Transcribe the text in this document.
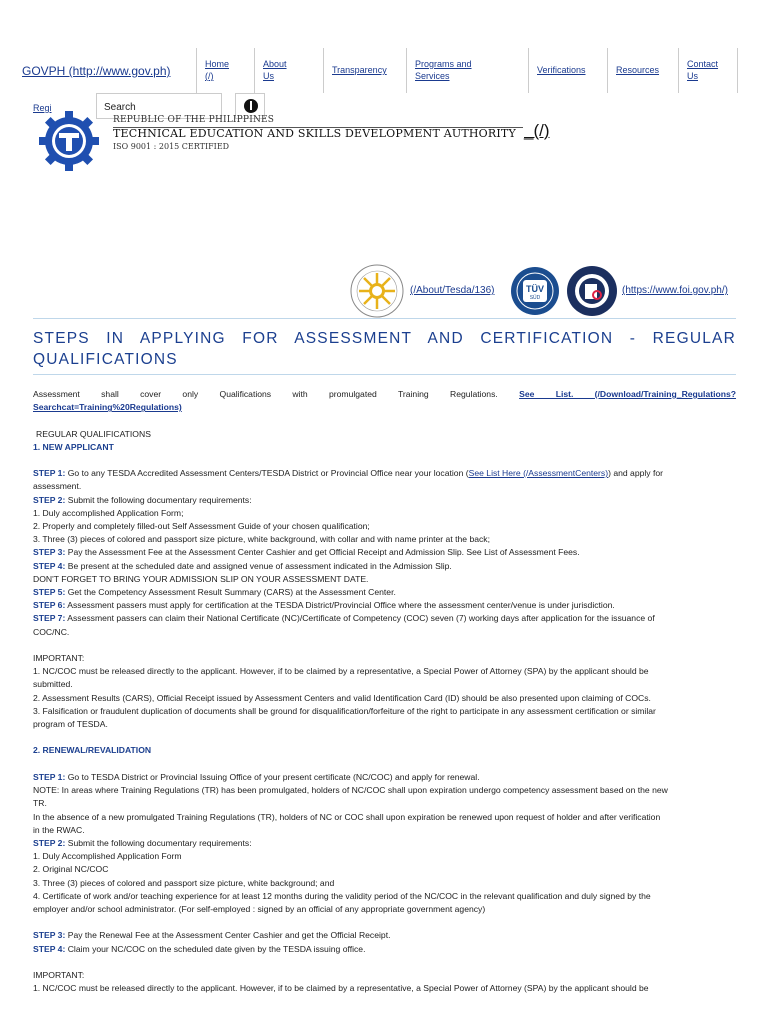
GOVPH (http://www.gov.ph)	Home
(/)
About
Us
Transparency
Programs and
Services
Verifications	Resources
Contact
Us
Regi	Search
REPUBLIC OF THE PHILIPPINES
TECHNICAL EDUCATION AND SKILLS DEVELOPMENT AUTHORITY _(/)
ISO 9001 : 2015 CERTIFIED
(/About/Tesda/136)	TÜV
SÜD
(https://www.foi.gov.ph/)
STEPS IN APPLYING FOR ASSESSMENT AND CERTIFICATION - REGULAR
QUALIFICATIONS
Assessment shall cover only Qualifications with promulgated Training Regulations. See List. (/Download/Training_Regulations?
Searchcat=Training%20Regulations)

REGULAR QUALIFICATIONS
1. NEW APPLICANT

STEP 1: Go to any TESDA Accredited Assessment Centers/TESDA District or Provincial Office near your location (See List Here (/AssessmentCenters)) and apply for
assessment.
STEP 2: Submit the following documentary requirements:
1. Duly accomplished Application Form;
2. Properly and completely filled-out Self Assessment Guide of your chosen qualification;
3. Three (3) pieces of colored and passport size picture, white background, with collar and with name printer at the back;
STEP 3: Pay the Assessment Fee at the Assessment Center Cashier and get Official Receipt and Admission Slip. See List of Assessment Fees.
STEP 4: Be present at the scheduled date and assigned venue of assessment indicated in the Admission Slip.
DON'T FORGET TO BRING YOUR ADMISSION SLIP ON YOUR ASSESSMENT DATE.
STEP 5: Get the Competency Assessment Result Summary (CARS) at the Assessment Center.
STEP 6: Assessment passers must apply for certification at the TESDA District/Provincial Office where the assessment center/venue is under jurisdiction.
STEP 7: Assessment passers can claim their National Certificate (NC)/Certificate of Competency (COC) seven (7) working days after application for the issuance of
COC/NC.

IMPORTANT:
1. NC/COC must be released directly to the applicant. However, if to be claimed by a representative, a Special Power of Attorney (SPA) by the applicant should be
submitted.
2. Assessment Results (CARS), Official Receipt issued by Assessment Centers and valid Identification Card (ID) should be also presented upon claiming of COCs.
3. Falsification or fraudulent duplication of documents shall be ground for disqualification/forfeiture of the right to participate in any assessment certification or similar
program of TESDA.

2. RENEWAL/REVALIDATION

STEP 1: Go to TESDA District or Provincial Issuing Office of your present certificate (NC/COC) and apply for renewal.
NOTE: In areas where Training Regulations (TR) has been promulgated, holders of NC/COC shall upon expiration undergo competency assessment based on the new
TR.
In the absence of a new promulgated Training Regulations (TR), holders of NC or COC shall upon expiration be renewed upon request of holder and after verification
in the RWAC.
STEP 2: Submit the following documentary requirements:
1. Duly Accomplished Application Form
2. Original NC/COC
3. Three (3) pieces of colored and passport size picture, white background; and
4. Certificate of work and/or teaching experience for at least 12 months during the validity period of the NC/COC in the relevant qualification and duly signed by the
employer and/or school administrator. (For self-employed : signed by an official of any appropriate government agency)

STEP 3: Pay the Renewal Fee at the Assessment Center Cashier and get the Official Receipt.
STEP 4: Claim your NC/COC on the scheduled date given by the TESDA issuing office.

IMPORTANT:
1. NC/COC must be released directly to the applicant. However, if to be claimed by a representative, a Special Power of Attorney (SPA) by the applicant should be
